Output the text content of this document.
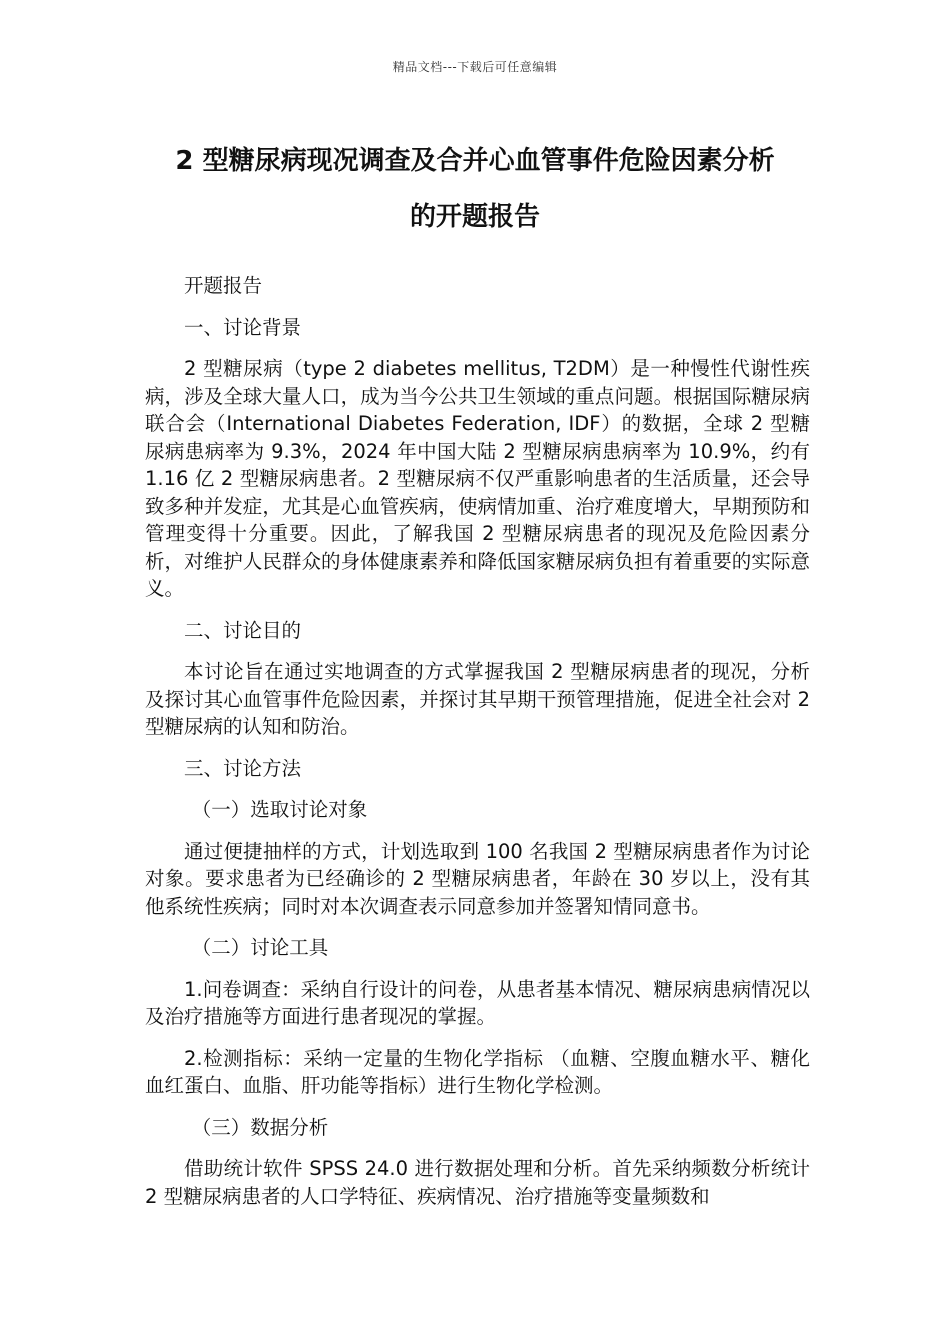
精品文档---下载后可任意编辑
2 型糖尿病现况调查及合并心血管事件危险因素分析
的开题报告

开题报告

一、讨论背景

2 型糖尿病（type 2 diabetes mellitus, T2DM）是一种慢性代谢性疾病，涉及全球大量人口，成为当今公共卫生领域的重点问题。根据国际糖尿病联合会（International Diabetes Federation, IDF）的数据，全球 2 型糖尿病患病率为 9.3%，2024 年中国大陆 2 型糖尿病患病率为 10.9%，约有 1.16 亿 2 型糖尿病患者。2 型糖尿病不仅严重影响患者的生活质量，还会导致多种并发症，尤其是心血管疾病，使病情加重、治疗难度增大，早期预防和管理变得十分重要。因此，了解我国 2 型糖尿病患者的现况及危险因素分析，对维护人民群众的身体健康素养和降低国家糖尿病负担有着重要的实际意义。

二、讨论目的

本讨论旨在通过实地调查的方式掌握我国 2 型糖尿病患者的现况，分析及探讨其心血管事件危险因素，并探讨其早期干预管理措施，促进全社会对 2 型糖尿病的认知和防治。

三、讨论方法

（一）选取讨论对象

通过便捷抽样的方式，计划选取到 100 名我国 2 型糖尿病患者作为讨论对象。要求患者为已经确诊的 2 型糖尿病患者，年龄在 30 岁以上，没有其他系统性疾病；同时对本次调查表示同意参加并签署知情同意书。

（二）讨论工具

1.问卷调查：采纳自行设计的问卷，从患者基本情况、糖尿病患病情况以及治疗措施等方面进行患者现况的掌握。

2.检测指标：采纳一定量的生物化学指标 （血糖、空腹血糖水平、糖化血红蛋白、血脂、肝功能等指标）进行生物化学检测。

（三）数据分析

借助统计软件 SPSS 24.0 进行数据处理和分析。首先采纳频数分析统计 2 型糖尿病患者的人口学特征、疾病情况、治疗措施等变量频数和
